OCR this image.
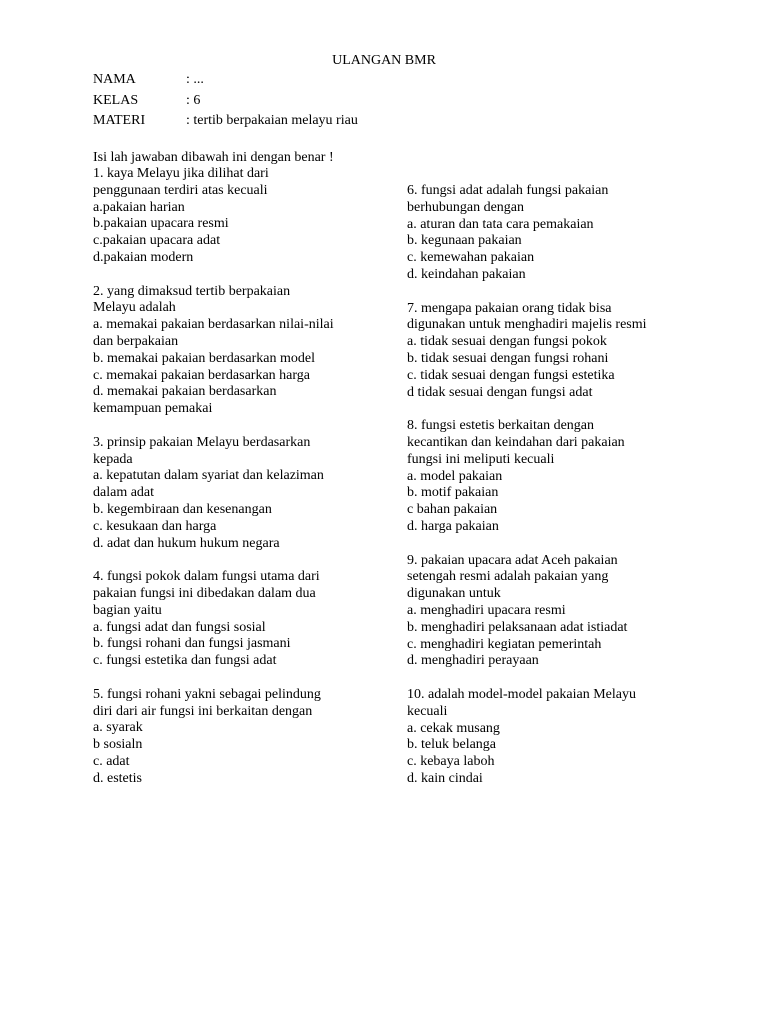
ULANGAN BMR
NAMA	: ...
KELAS	: 6
MATERI	: tertib berpakaian melayu riau
Isi lah jawaban dibawah ini dengan benar !
1. kaya Melayu jika dilihat dari
penggunaan terdiri atas kecuali
a.pakaian harian
b.pakaian upacara resmi
c.pakaian upacara adat
d.pakaian modern
2. yang dimaksud tertib berpakaian
Melayu adalah
a. memakai pakaian berdasarkan nilai-nilai
dan berpakaian
b. memakai pakaian berdasarkan model
c. memakai pakaian berdasarkan harga
d. memakai pakaian berdasarkan
kemampuan pemakai
3. prinsip pakaian Melayu berdasarkan
kepada
a. kepatutan dalam syariat dan kelaziman
dalam adat
b. kegembiraan dan kesenangan
c. kesukaan dan harga
d. adat dan hukum hukum negara
4. fungsi pokok dalam fungsi utama dari
pakaian fungsi ini dibedakan dalam dua
bagian yaitu
a. fungsi adat dan fungsi sosial
b. fungsi rohani dan fungsi jasmani
c. fungsi estetika dan fungsi adat
5. fungsi rohani yakni sebagai pelindung
diri dari air fungsi ini berkaitan dengan
a. syarak
b sosialn
c. adat
d. estetis
6. fungsi adat adalah fungsi pakaian
berhubungan dengan
a. aturan dan tata cara pemakaian
b. kegunaan pakaian
c. kemewahan pakaian
d. keindahan pakaian
7. mengapa pakaian orang tidak bisa
digunakan untuk menghadiri majelis resmi
a. tidak sesuai dengan fungsi pokok
b. tidak sesuai dengan fungsi rohani
c. tidak sesuai dengan fungsi estetika
d tidak sesuai dengan fungsi adat
8. fungsi estetis berkaitan dengan
kecantikan dan keindahan dari pakaian
fungsi ini meliputi kecuali
a. model pakaian
b. motif pakaian
c bahan pakaian
d. harga pakaian
9. pakaian upacara adat Aceh pakaian
setengah resmi adalah pakaian yang
digunakan untuk
a. menghadiri upacara resmi
b. menghadiri pelaksanaan adat istiadat
c. menghadiri kegiatan pemerintah
d. menghadiri perayaan
10. adalah model-model pakaian Melayu
kecuali
a. cekak musang
b. teluk belanga
c. kebaya laboh
d. kain cindai
